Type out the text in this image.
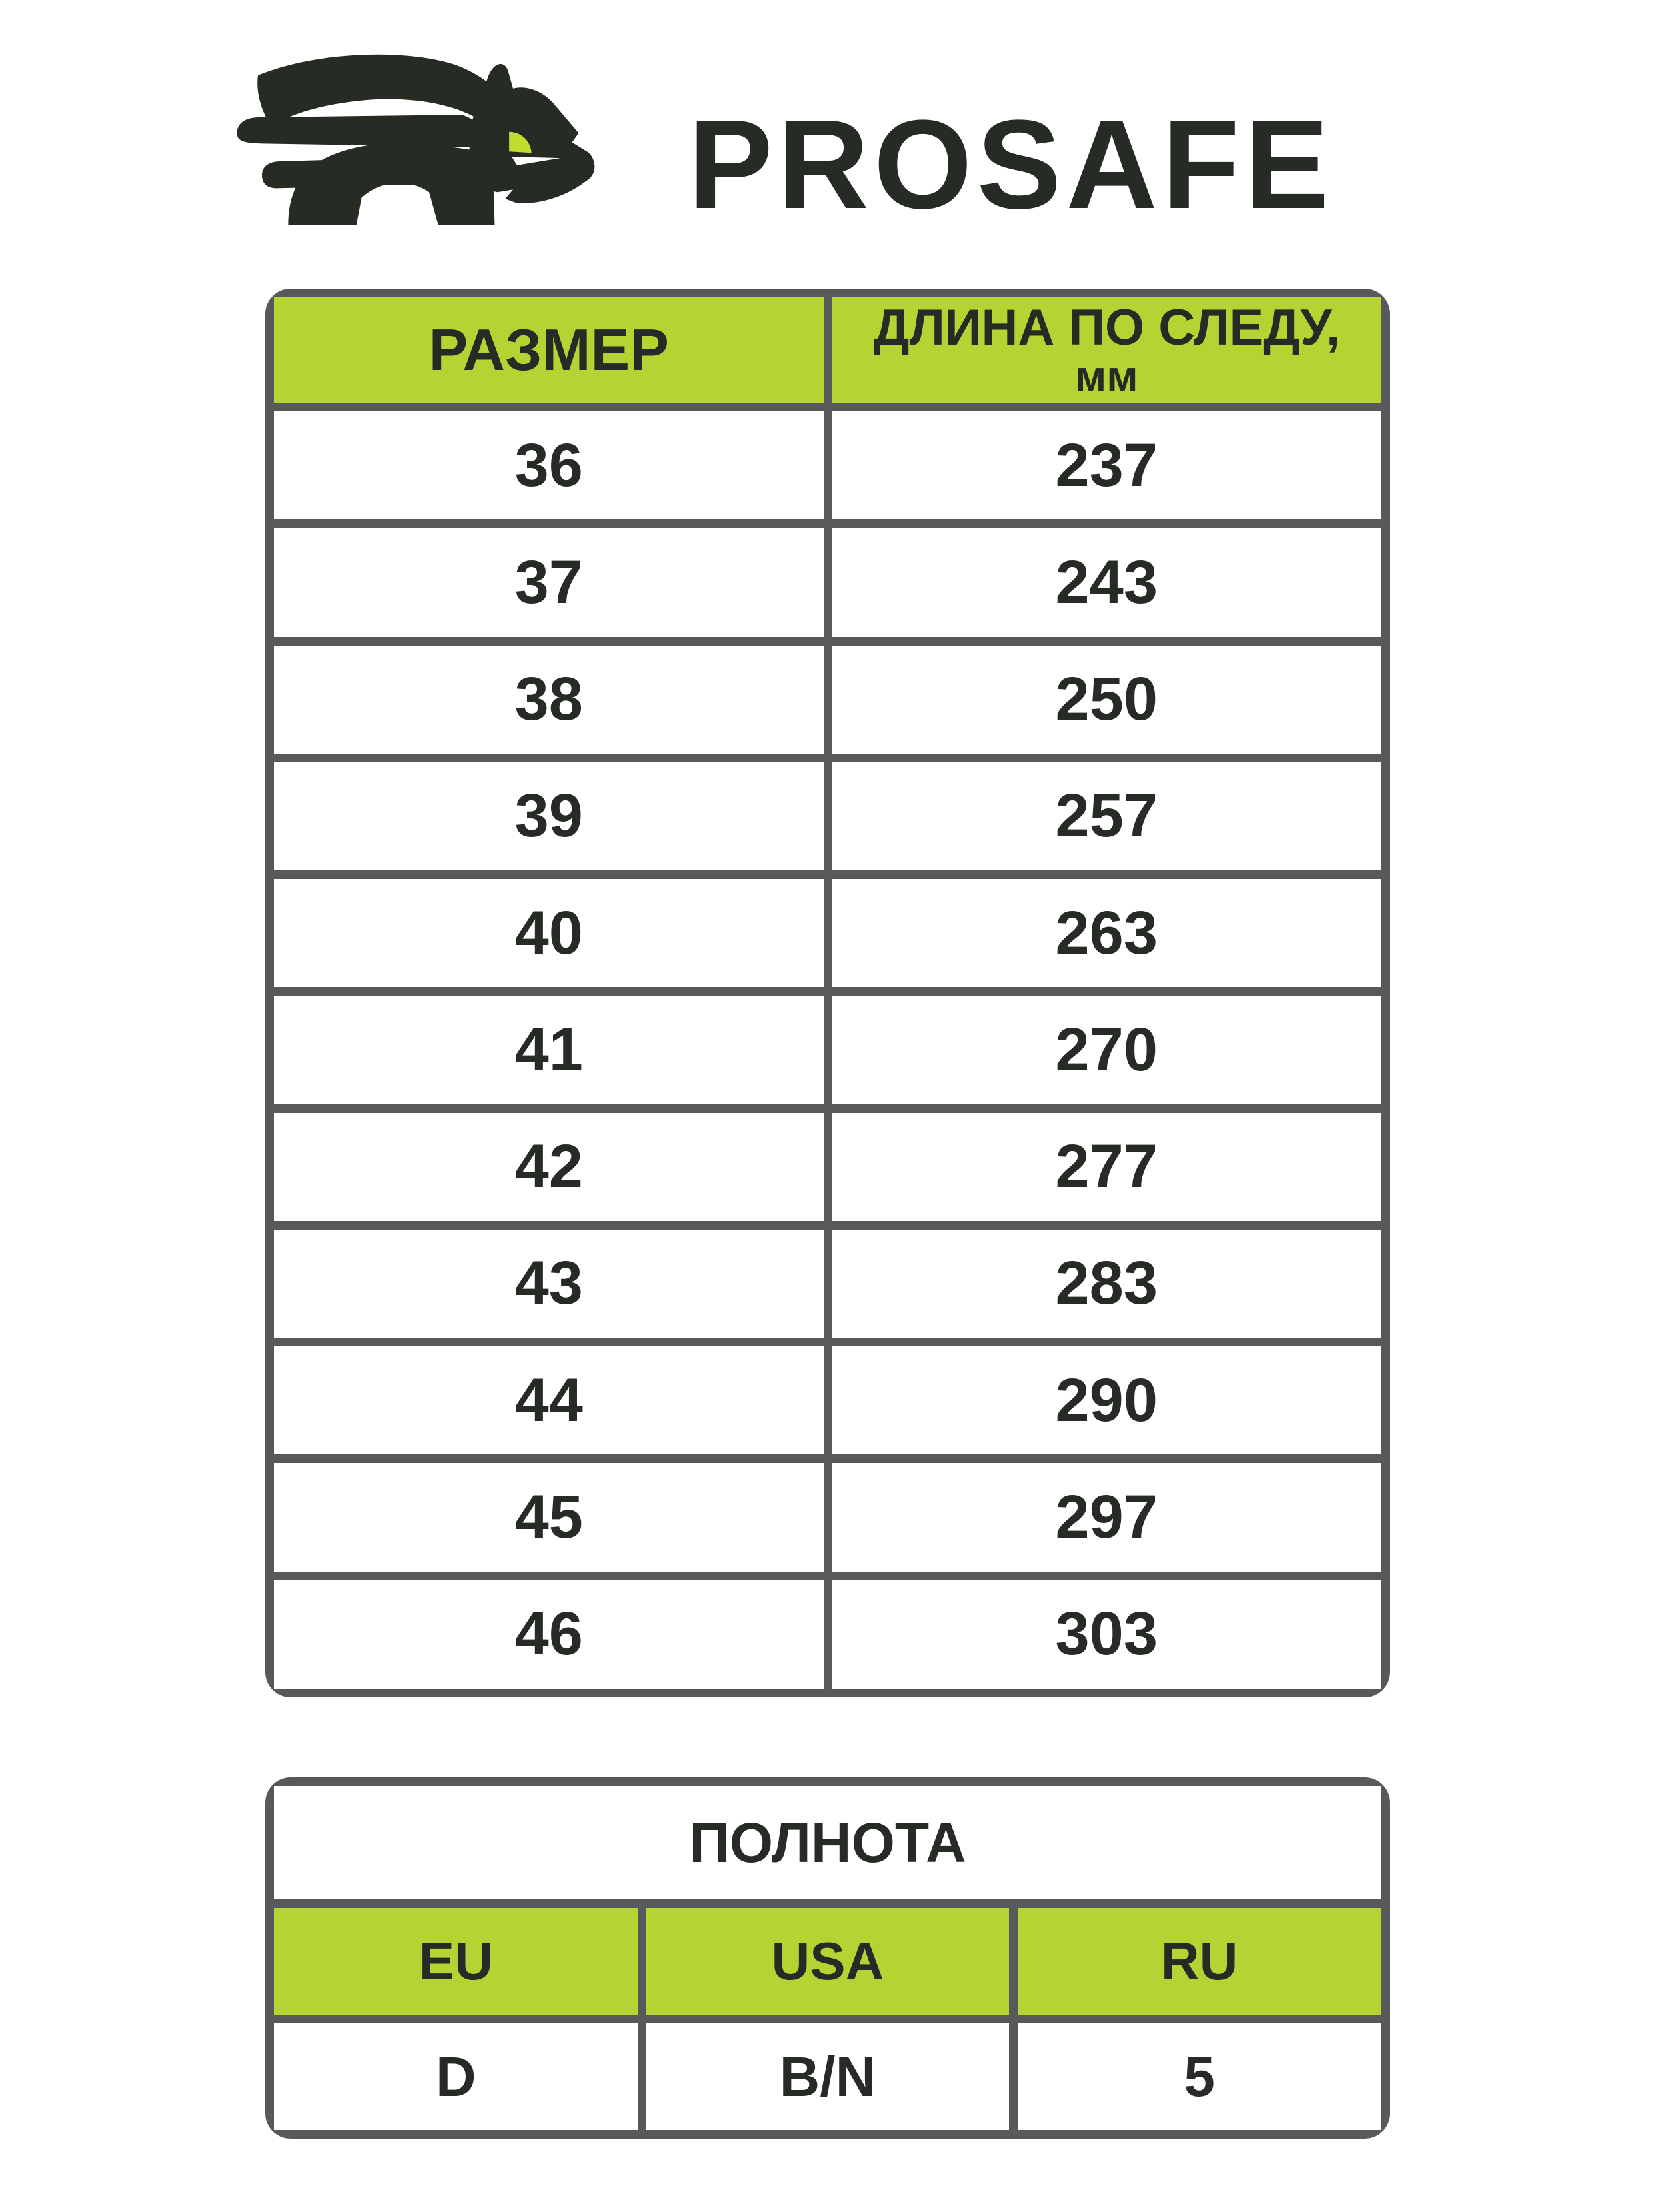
PROSAFE
РАЗМЕР	ДЛИНА ПО СЛЕДУ,
мм

36	237
37	243
38	250
39	257
40	263
41	270
42	277
43	283
44	290
45	297
46	303
ПОЛНОТА		
EU	USA	RU
D	B/N	5
